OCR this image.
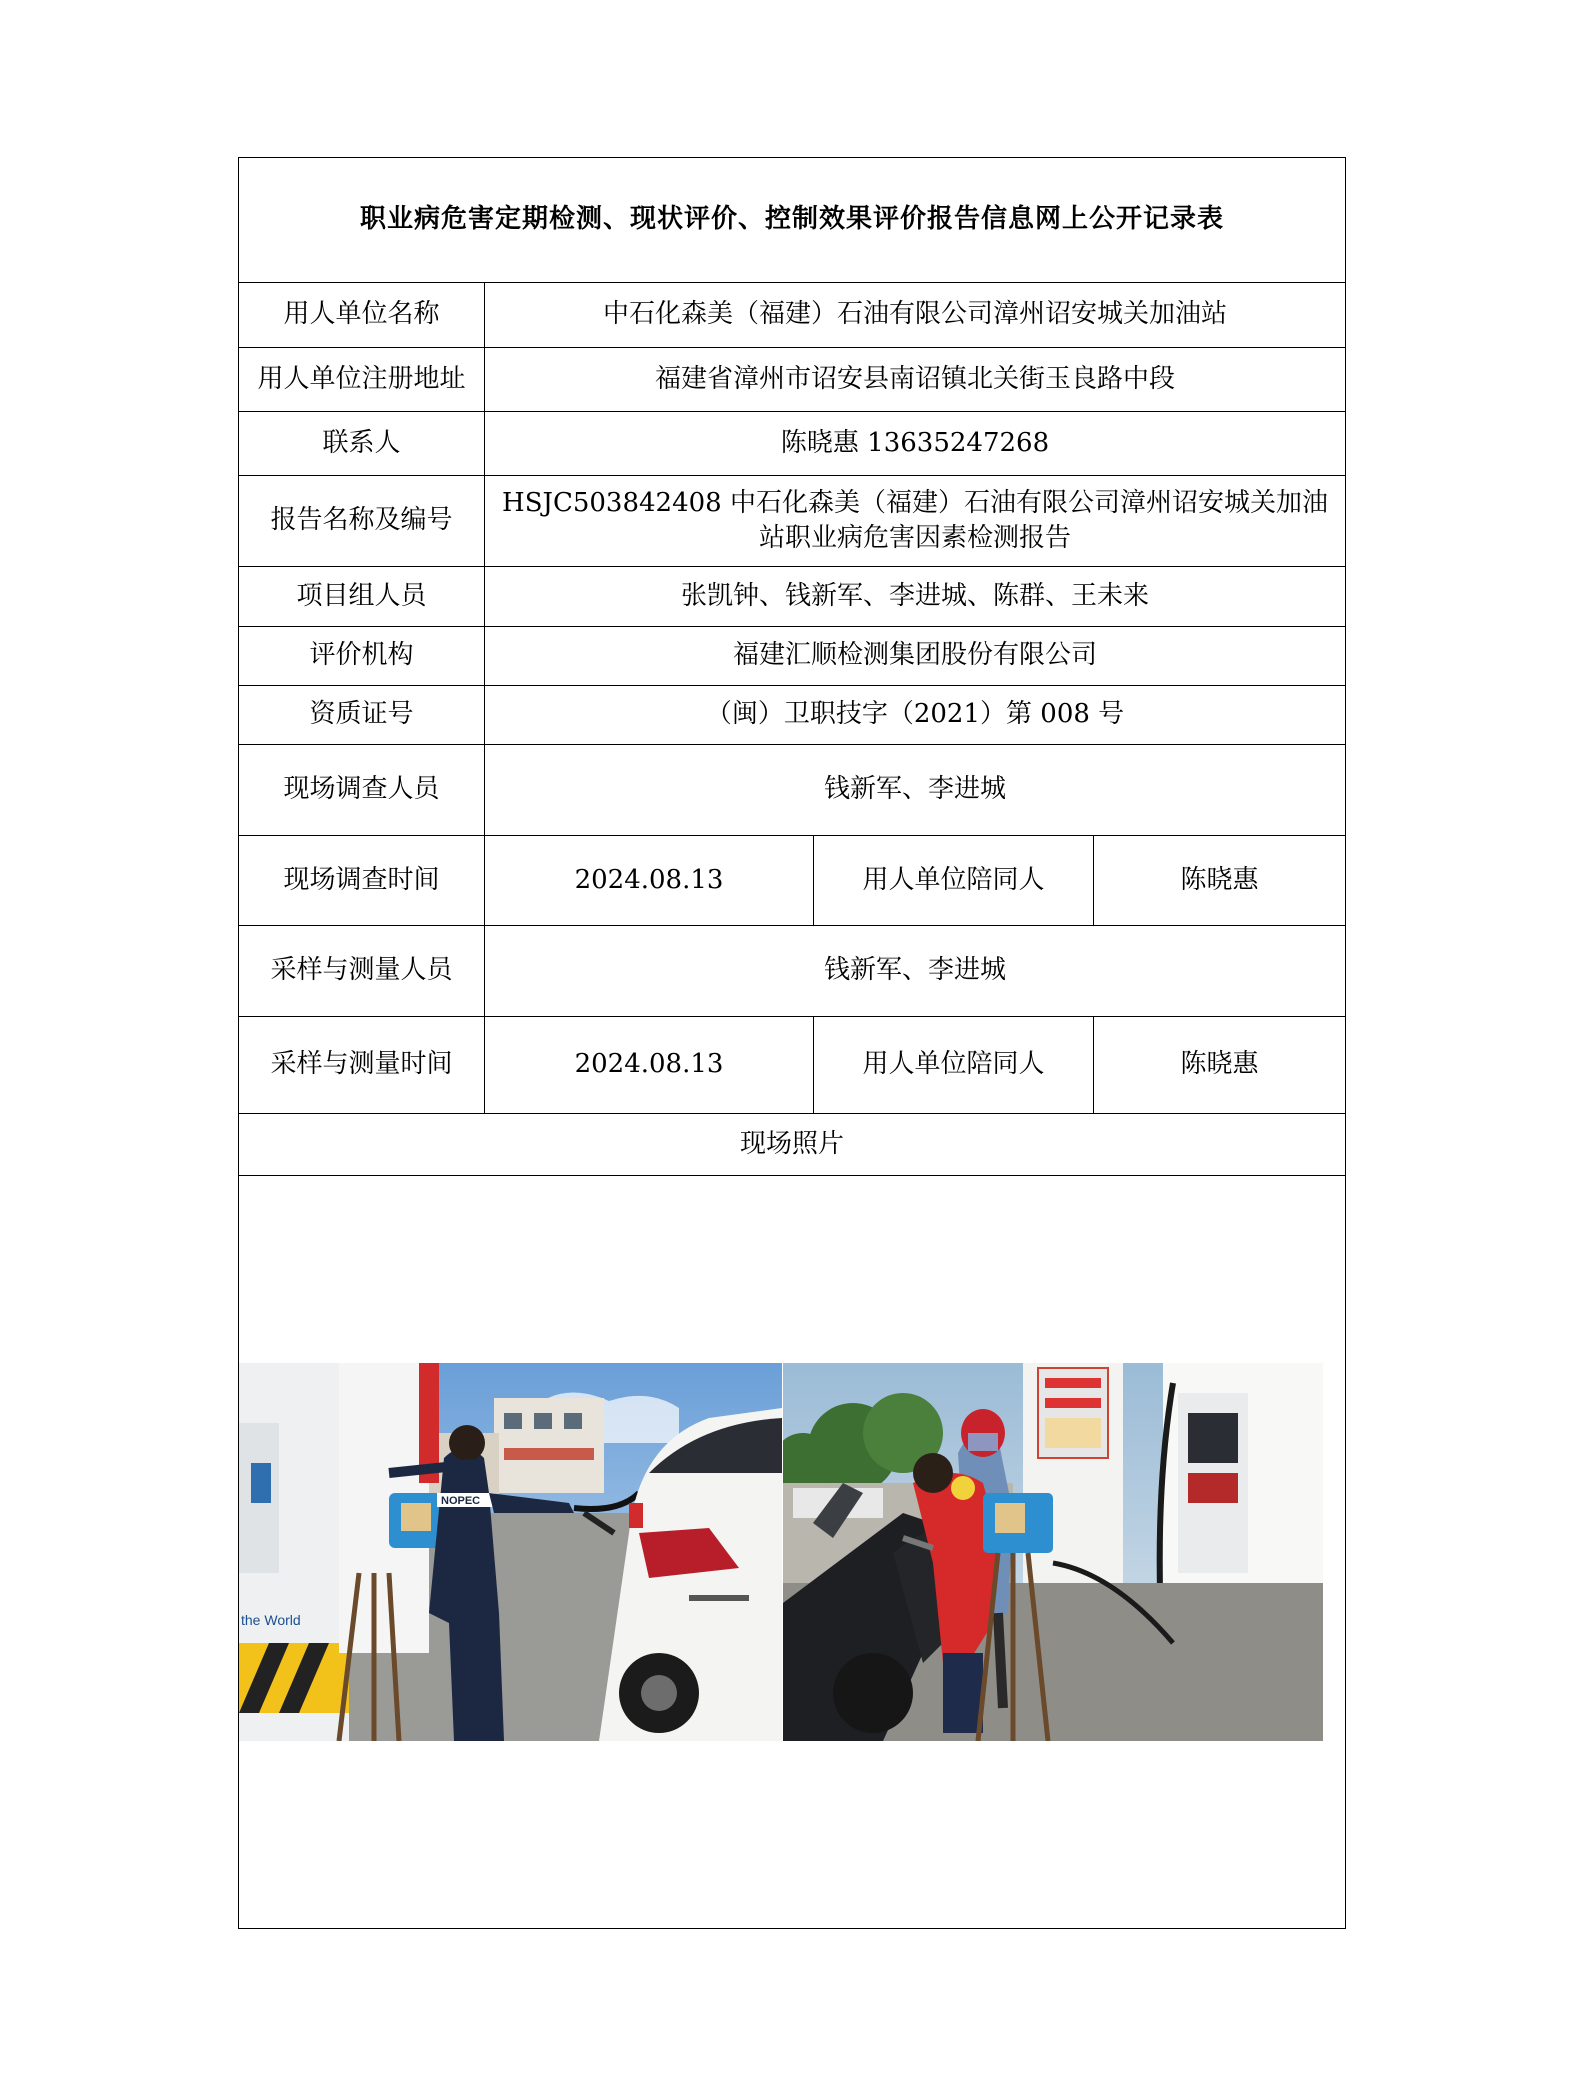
职业病危害定期检测、现状评价、控制效果评价报告信息网上公开记录表			
用人单位名称	中石化森美（福建）石油有限公司漳州诏安城关加油站		
用人单位注册地址	福建省漳州市诏安县南诏镇北关街玉良路中段		
联系人	陈晓惠 13635247268		
报告名称及编号	HSJC503842408 中石化森美（福建）石油有限公司漳州诏安城关加油
站职业病危害因素检测报告		

项目组人员	张凯钟、钱新军、李进城、陈群、王未来		
评价机构	福建汇顺检测集团股份有限公司		
资质证号	（闽）卫职技字（2021）第 008 号		
现场调查人员	钱新军、李进城		
现场调查时间	2024.08.13	用人单位陪同人	陈晓惠
采样与测量人员	钱新军、李进城		
采样与测量时间	2024.08.13	用人单位陪同人	陈晓惠
现场照片			

the World
NOPEC			
